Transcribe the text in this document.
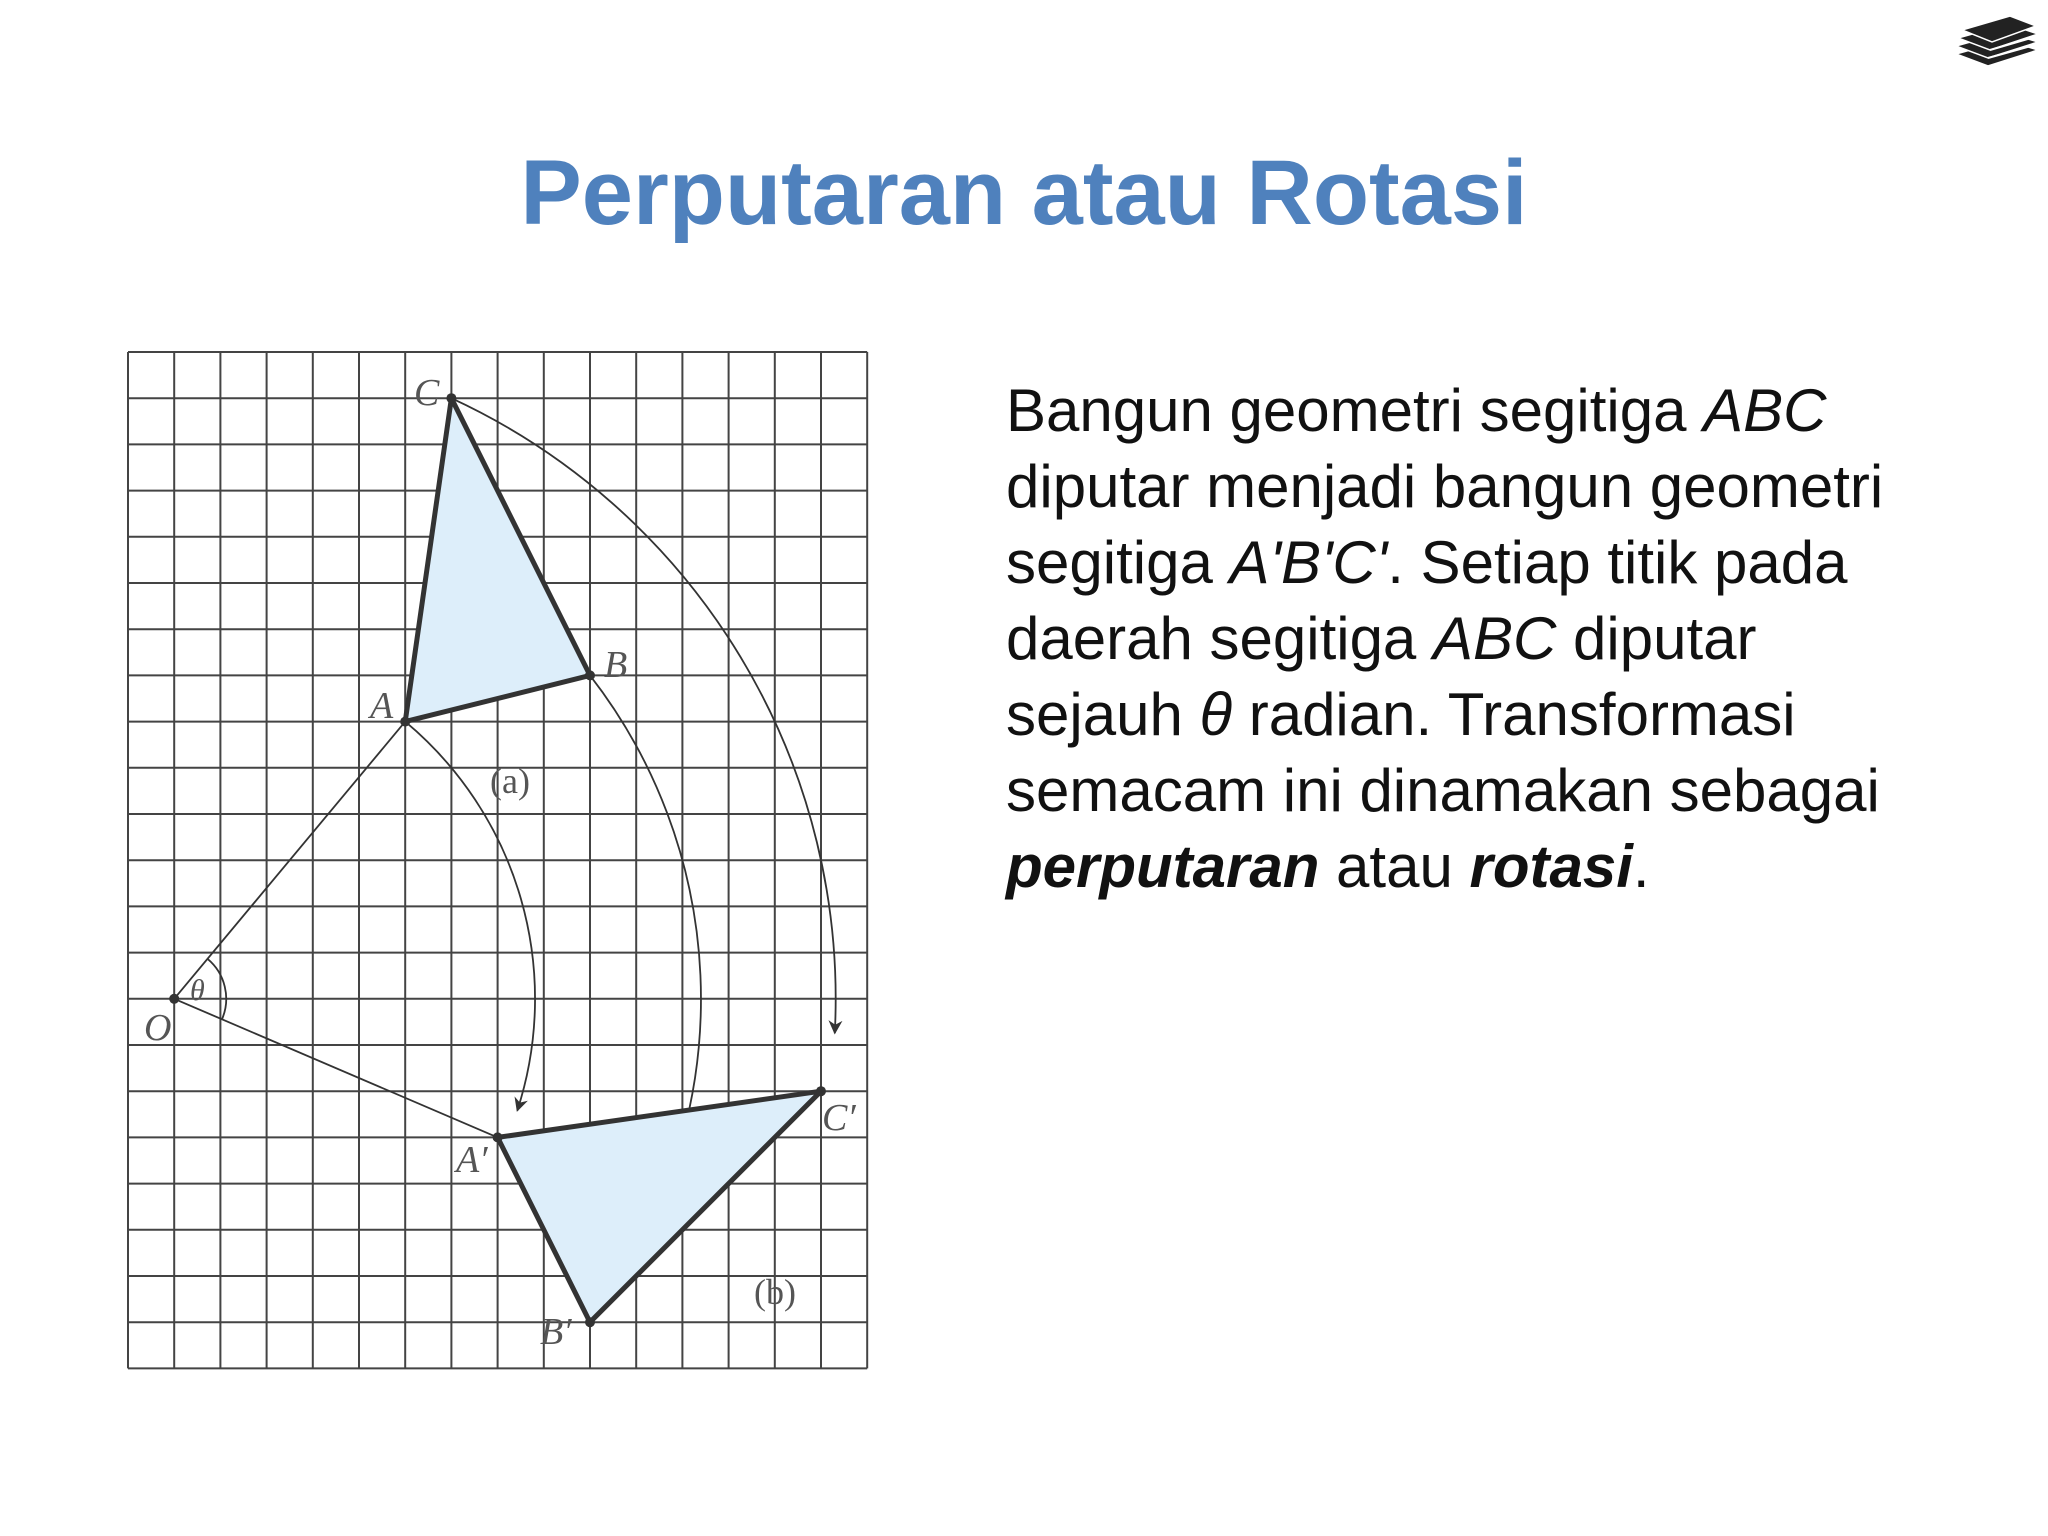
Perputaran atau Rotasi
C
B
A
O
θ
(a)
(b)
A′
B′
C′

Bangun geometri segitiga ABC

diputar menjadi bangun geometri

segitiga A'B'C'. Setiap titik pada

daerah segitiga ABC diputar

sejauh θ radian. Transformasi

semacam ini dinamakan sebagai

perputaran atau rotasi.
